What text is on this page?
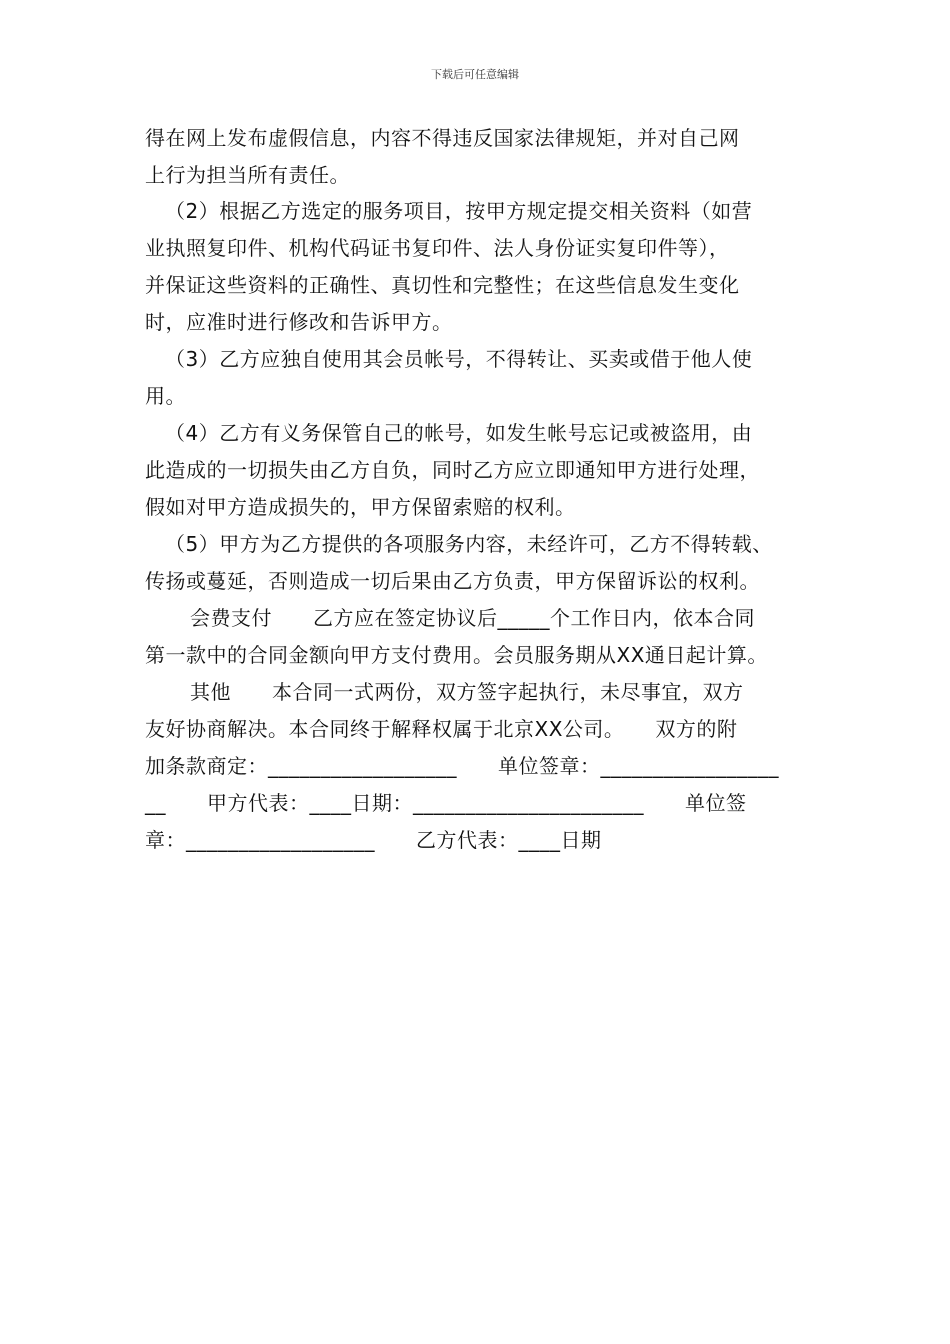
下载后可任意编辑
得在网上发布虚假信息，内容不得违反国家法律规矩，并对自己网
上行为担当所有责任。
（2）根据乙方选定的服务项目，按甲方规定提交相关资料（如营
业执照复印件、机构代码证书复印件、法人身份证实复印件等），
并保证这些资料的正确性、真切性和完整性；在这些信息发生变化
时，应准时进行修改和告诉甲方。
（3）乙方应独自使用其会员帐号，不得转让、买卖或借于他人使
用。
（4）乙方有义务保管自己的帐号，如发生帐号忘记或被盗用，由
此造成的一切损失由乙方自负，同时乙方应立即通知甲方进行处理，
假如对甲方造成损失的，甲方保留索赔的权利。
（5）甲方为乙方提供的各项服务内容，未经许可，乙方不得转载、
传扬或蔓延，否则造成一切后果由乙方负责，甲方保留诉讼的权利。
会费支付　　乙方应在签定协议后_____个工作日内，依本合同
第一款中的合同金额向甲方支付费用。会员服务期从XX通日起计算。
其他　　本合同一式两份，双方签字起执行，未尽事宜，双方
友好协商解决。本合同终于解释权属于北京XX公司。　　双方的附
加条款商定：__________________　　单位签章：_________________
__　　甲方代表：____日期：______________________　　单位签
章：__________________　　乙方代表：____日期
